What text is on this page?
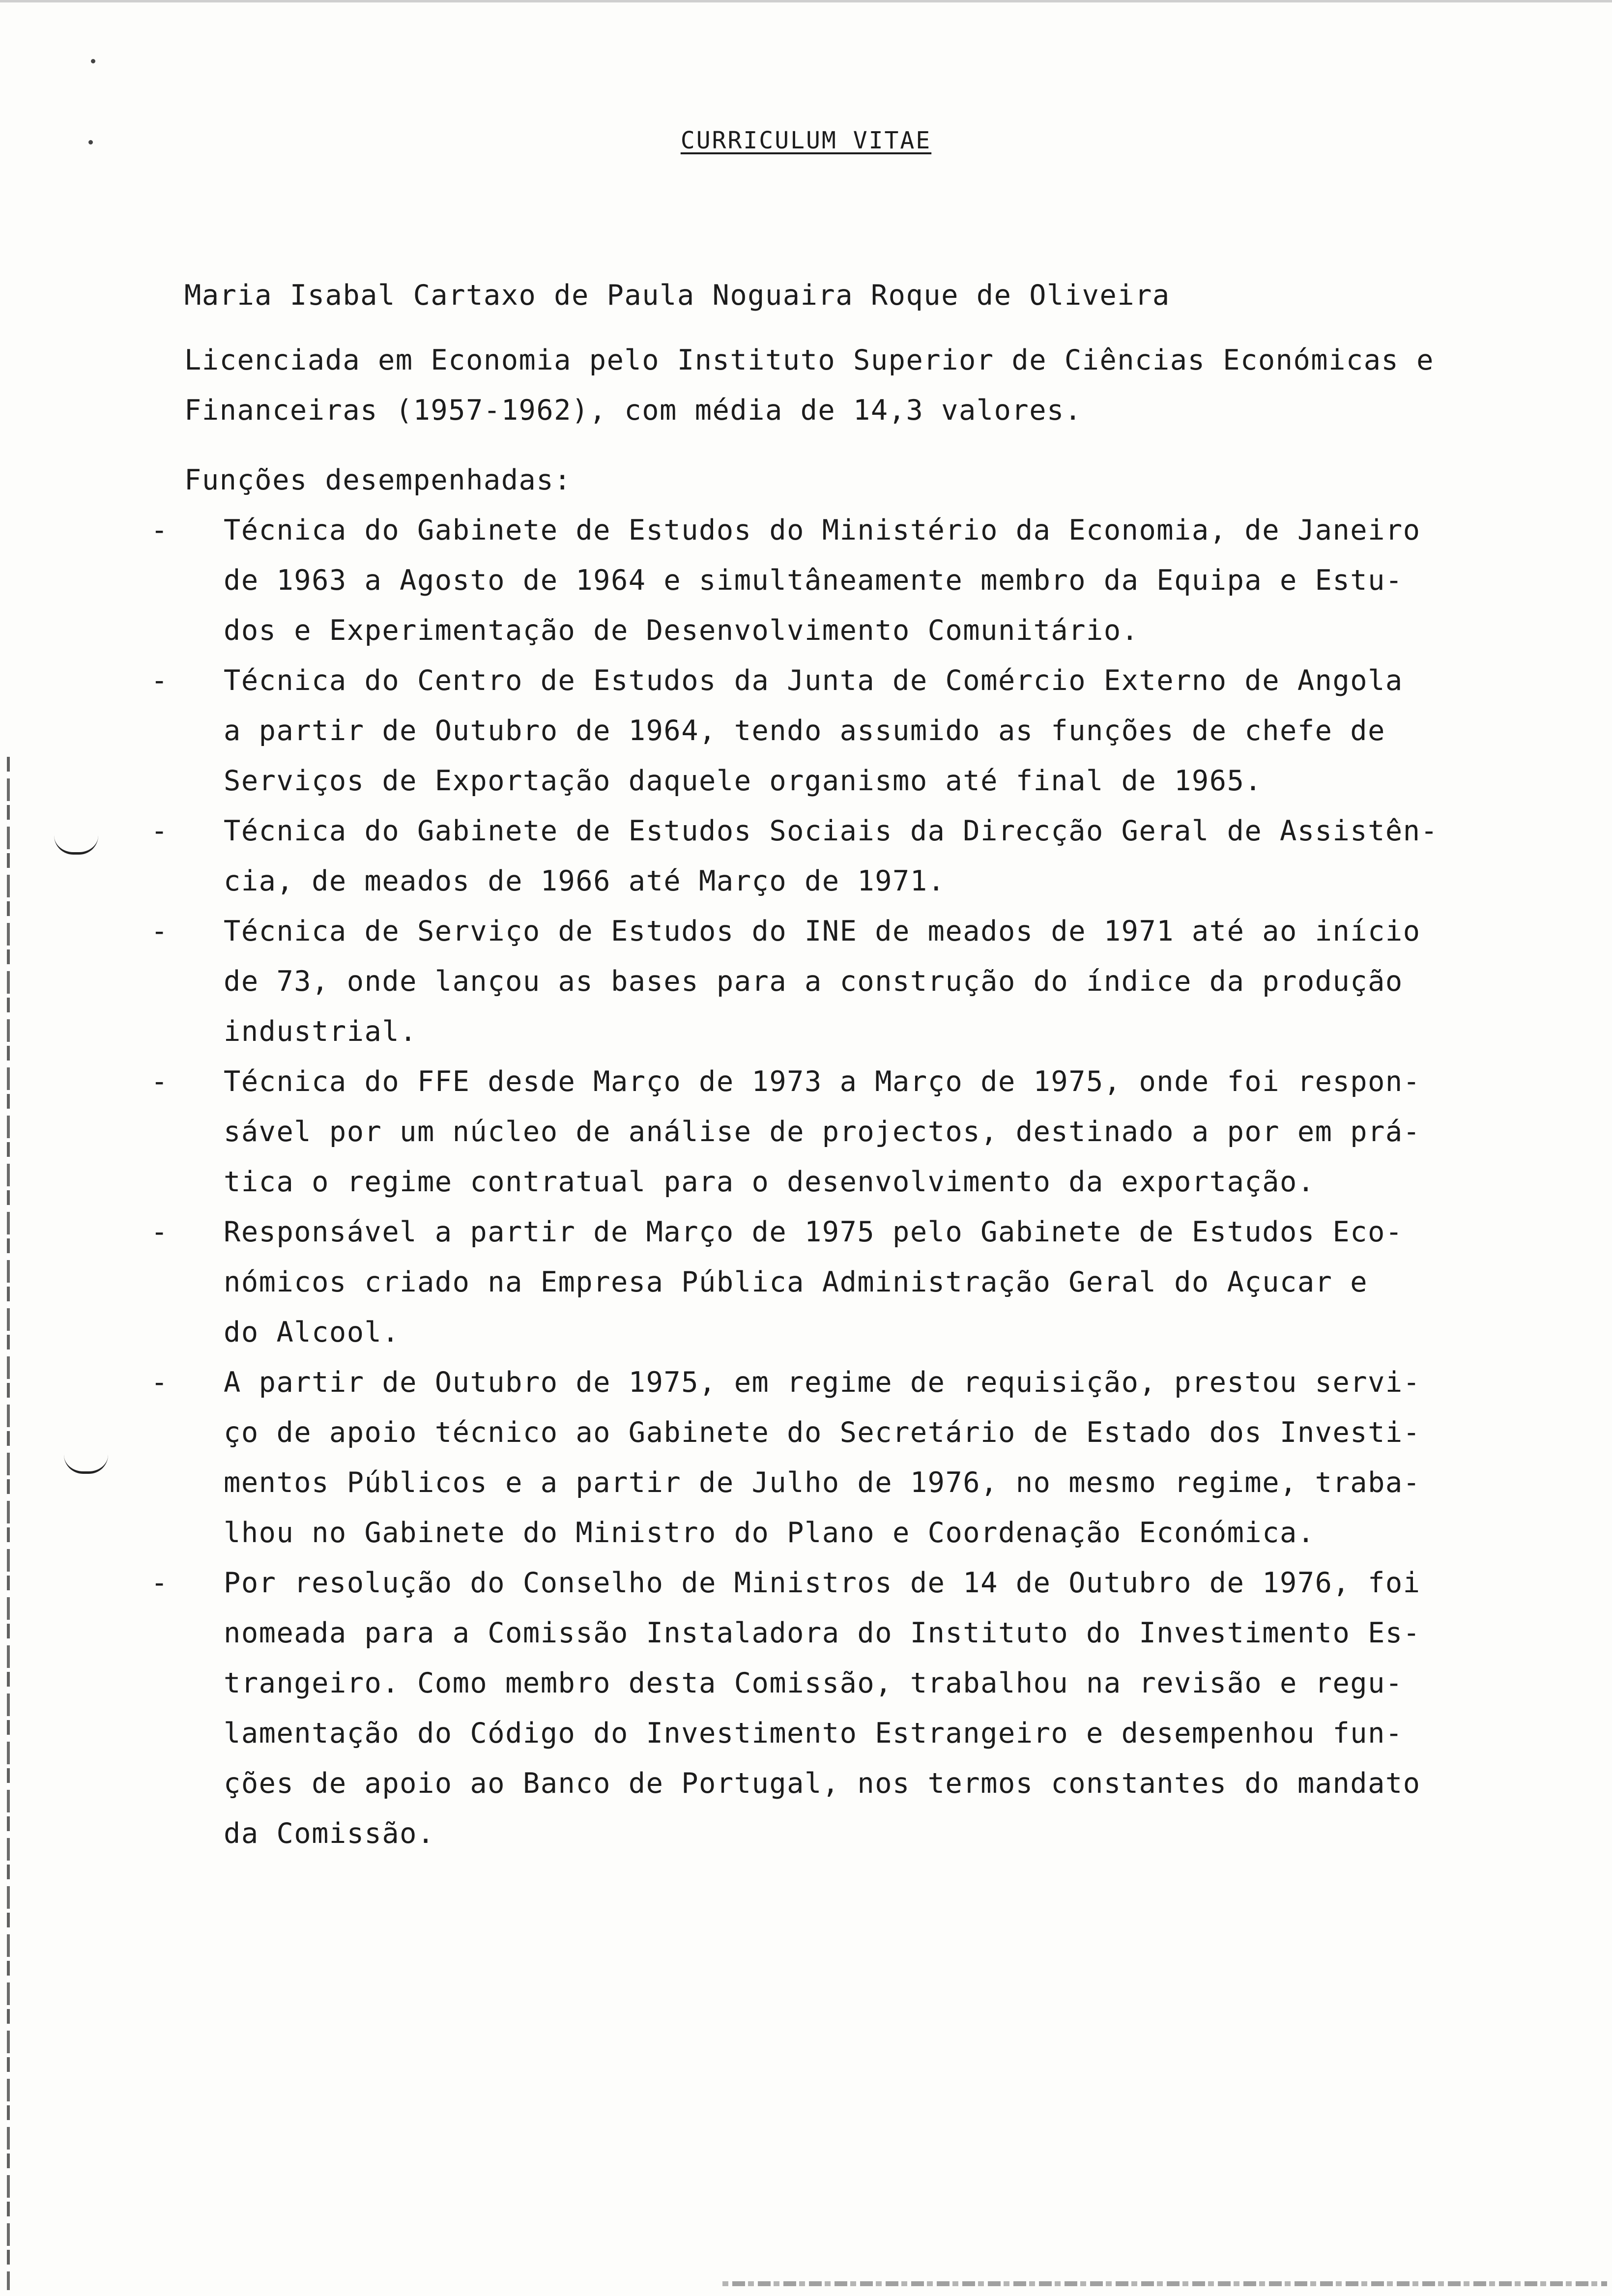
CURRICULUM VITAE
Maria Isabal Cartaxo de Paula Noguaira Roque de Oliveira
Licenciada em Economia pelo Instituto Superior de Ciências Económicas e
Financeiras (1957-1962), com média de 14,3 valores.
Funções desempenhadas:
- Técnica do Gabinete de Estudos do Ministério da Economia, de Janeiro
de 1963 a Agosto de 1964 e simultâneamente membro da Equipa e Estu-
dos e Experimentação de Desenvolvimento Comunitário.
- Técnica do Centro de Estudos da Junta de Comércio Externo de Angola
a partir de Outubro de 1964, tendo assumido as funções de chefe de
Serviços de Exportação daquele organismo até final de 1965.
- Técnica do Gabinete de Estudos Sociais da Direcção Geral de Assistên-
cia, de meados de 1966 até Março de 1971.
- Técnica de Serviço de Estudos do INE de meados de 1971 até ao início
de 73, onde lançou as bases para a construção do índice da produção
industrial.
- Técnica do FFE desde Março de 1973 a Março de 1975, onde foi respon-
sável por um núcleo de análise de projectos, destinado a por em prá-
tica o regime contratual para o desenvolvimento da exportação.
- Responsável a partir de Março de 1975 pelo Gabinete de Estudos Eco-
nómicos criado na Empresa Pública Administração Geral do Açucar e
do Alcool.
- A partir de Outubro de 1975, em regime de requisição, prestou servi-
ço de apoio técnico ao Gabinete do Secretário de Estado dos Investi-
mentos Públicos e a partir de Julho de 1976, no mesmo regime, traba-
lhou no Gabinete do Ministro do Plano e Coordenação Económica.
- Por resolução do Conselho de Ministros de 14 de Outubro de 1976, foi
nomeada para a Comissão Instaladora do Instituto do Investimento Es-
trangeiro. Como membro desta Comissão, trabalhou na revisão e regu-
lamentação do Código do Investimento Estrangeiro e desempenhou fun-
ções de apoio ao Banco de Portugal, nos termos constantes do mandato
da Comissão.
